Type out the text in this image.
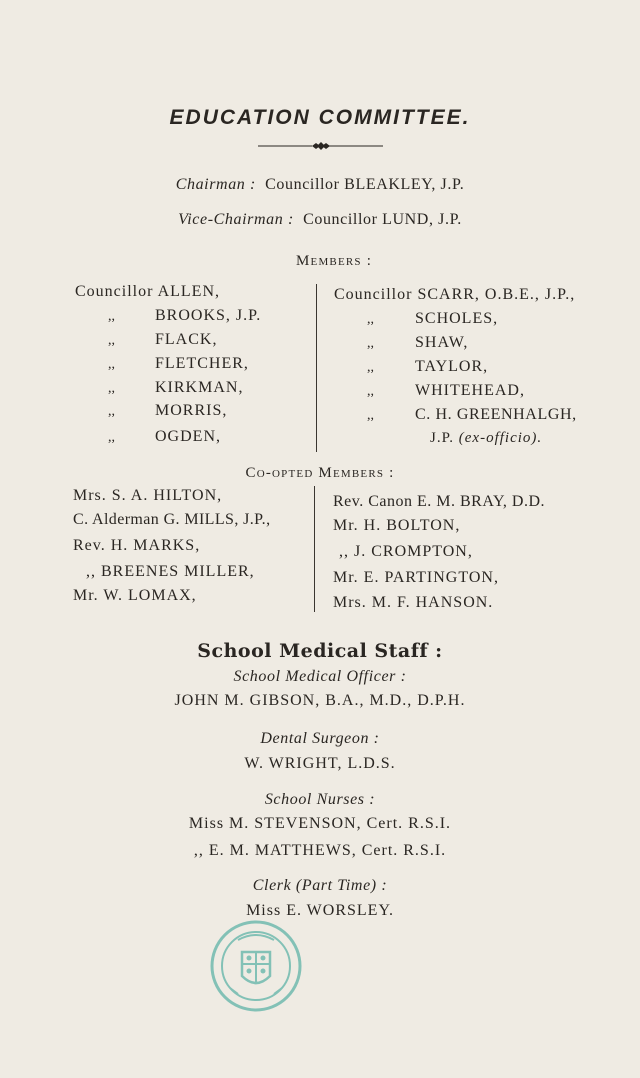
EDUCATION COMMITTEE.
Chairman : Councillor BLEAKLEY, J.P.
Vice-Chairman : Councillor LUND, J.P.
Members :
Councillor ALLEN,
,,	BROOKS, J.P.
,,	FLACK,
,,	FLETCHER,
,,	KIRKMAN,
,,	MORRIS,
,,	OGDEN,
Councillor SCARR, O.B.E., J.P.,
,,	SCHOLES,
,,	SHAW,
,,	TAYLOR,
,,	WHITEHEAD,
,,	C. H. GREENHALGH,
J.P. (ex-officio).
Co-opted Members :
Mrs. S. A. HILTON,
C. Alderman G. MILLS, J.P.,
Rev. H. MARKS,
,, BREENES MILLER,
Mr. W. LOMAX,
Rev. Canon E. M. BRAY, D.D.
Mr. H. BOLTON,
,, J. CROMPTON,
Mr. E. PARTINGTON,
Mrs. M. F. HANSON.
School Medical Staff :
School Medical Officer :
JOHN M. GIBSON, B.A., M.D., D.P.H.
Dental Surgeon :
W. WRIGHT, L.D.S.
School Nurses :
Miss M. STEVENSON, Cert. R.S.I.
,, E. M. MATTHEWS, Cert. R.S.I.
Clerk (Part Time) :
Miss E. WORSLEY.
